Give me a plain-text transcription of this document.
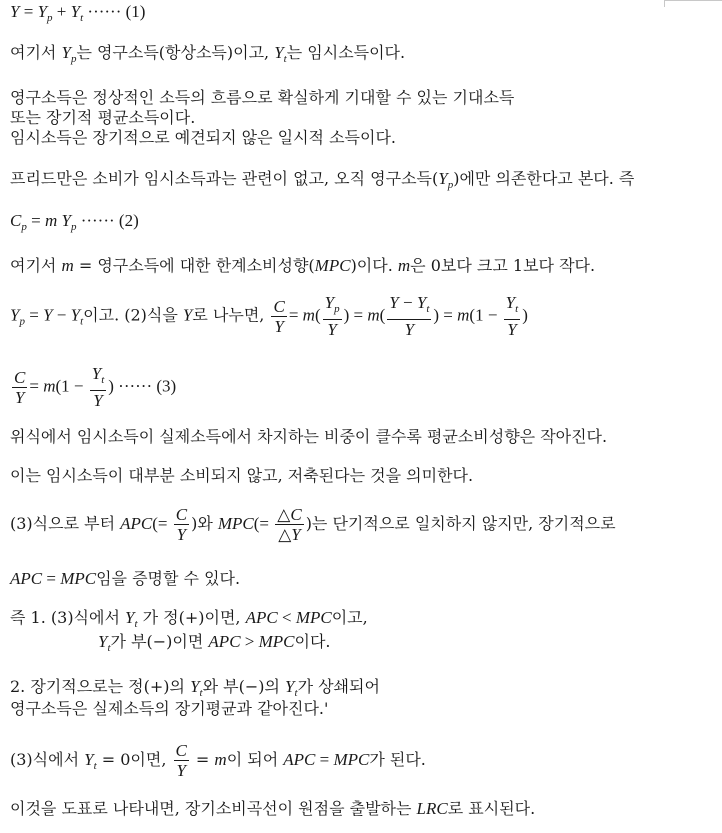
$Y = Y_p + Y_t$ ······ (1)
여기서 $Y_p$는 영구소득(항상소득)이고, $Y_t$는 임시소득이다.
영구소득은 정상적인 소득의 흐름으로 확실하게 기대할 수 있는 기대소득
또는 장기적 평균소득이다.
임시소득은 장기적으로 예견되지 않은 일시적 소득이다.
프리드만은 소비가 임시소득과는 관련이 없고, 오직 영구소득$(Y_p)$에만 의존한다고 본다. 즉
$C_p = m$ $Y_p$ ······ (2)
여기서 m = 영구소득에 대한 한계소비성향(MPC)이다. m은 0보다 크고 1보다 작다.
$Y_p = Y - Y_t$이고. (2)식을 Y로 나누면, $\frac{C}{Y} = m( \frac{Y_p}{Y}$ ) = $m( \frac{Y - Y_t}{Y}$ ) = $m(1 - \frac{Y_t}{Y}$ )
$\frac{C}{Y} = m(1 - \frac{Y_t}{Y}$ ) ······ (3)
위식에서 임시소득이 실제소득에서 차지하는 비중이 클수록 평균소비성향은 작아진다.
이는 임시소득이 대부분 소비되지 않고, 저축된다는 것을 의미한다.
(3)식으로 부터 $APC(= \frac{C}{Y}$ )와 $MPC(= \frac{\triangle C}{\triangle Y}$ )는 단기적으로 일치하지 않지만, 장기적으로
APC = MPC임을 증명할 수 있다.
즉 1. (3)식에서 $Y_t$ 가 정(+)이면, APC < MPC이고,
$Y_t$가 부(−)이면 APC > MPC이다.
2. 장기적으로는 정(+)의 $Y_t$와 부(−)의 $Y_t$가 상쇄되어
영구소득은 실제소득의 장기평균과 같아진다.'
(3)식에서 $Y_t = 0$이면, $\frac{C}{Y} = m$이 되어 APC = MPC가 된다.
이것을 도표로 나타내면, 장기소비곡선이 원점을 출발하는 LRC로 표시된다.
